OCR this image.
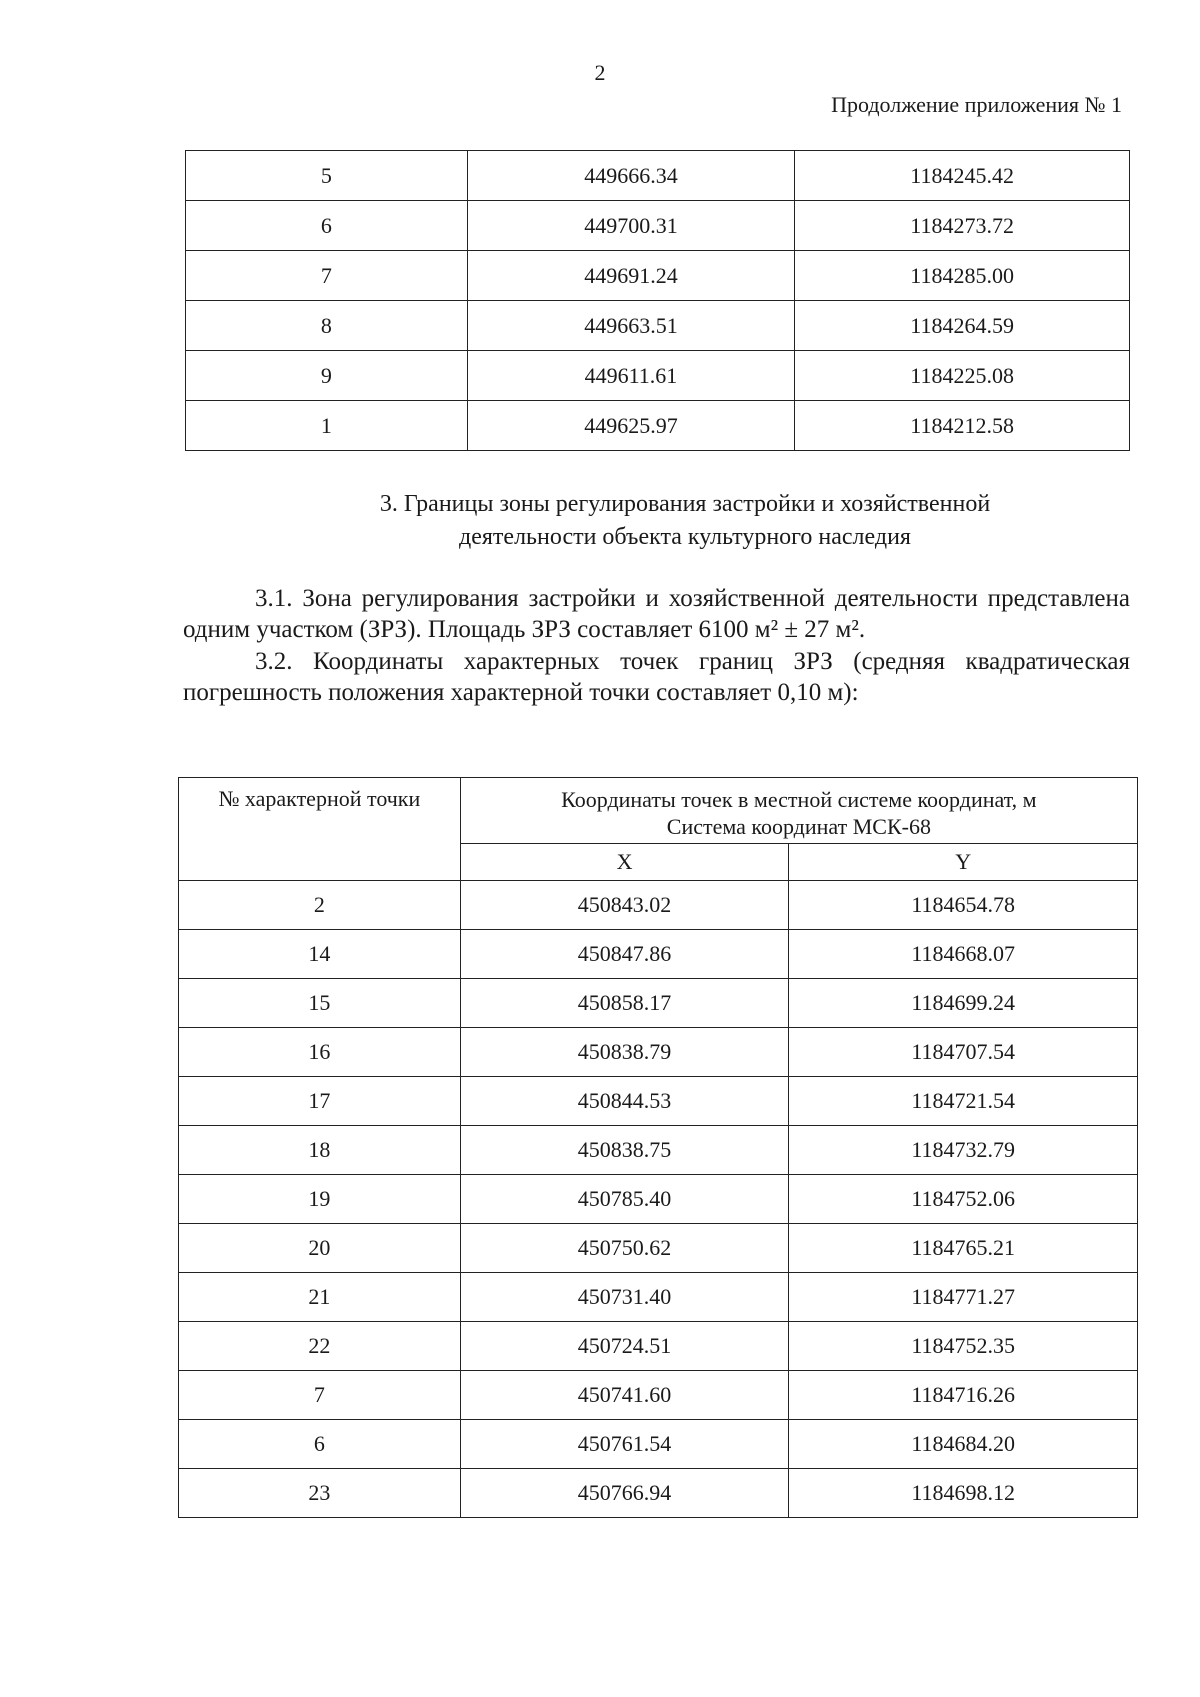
2
Продолжение приложения № 1
5	449666.34	1184245.42
6	449700.31	1184273.72
7	449691.24	1184285.00
8	449663.51	1184264.59
9	449611.61	1184225.08
1	449625.97	1184212.58
3. Границы зоны регулирования застройки и хозяйственной
деятельности объекта культурного наследия
3.1. Зона регулирования застройки и хозяйственной деятельности представлена одним участком (ЗРЗ). Площадь ЗРЗ составляет 6100 м² ± 27 м².
3.2. Координаты характерных точек границ ЗРЗ (средняя квадратическая погрешность положения характерной точки составляет 0,10 м):
№ характерной точки	Координаты точек в местной системе координат, м
Система координат МСК-68	

	X	Y
2	450843.02	1184654.78
14	450847.86	1184668.07
15	450858.17	1184699.24
16	450838.79	1184707.54
17	450844.53	1184721.54
18	450838.75	1184732.79
19	450785.40	1184752.06
20	450750.62	1184765.21
21	450731.40	1184771.27
22	450724.51	1184752.35
7	450741.60	1184716.26
6	450761.54	1184684.20
23	450766.94	1184698.12
